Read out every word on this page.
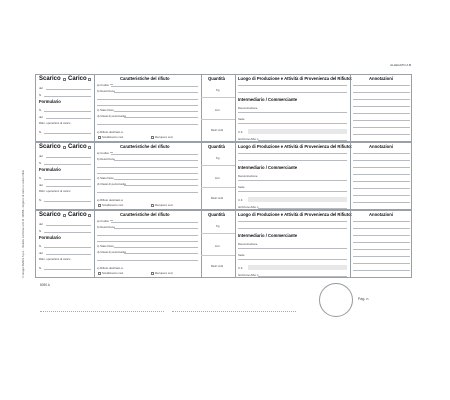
ALLEGATO A B
© Gruppo Buffetti S.p.A. - Modello conforme al D.M. 148/98 - Registro di carico e scarico rifiuti
Scarico Carico
del
N.
Formulario
N.
del
Rifer. operazioni di carico
N.
Caratteristiche del rifiuto
a) Codice ***
b) Descrizione
c) Stato fisico
d) Classi di pericolosità
e) Rifiuto destinato a:
Smaltimento cod.	Recupero cod.
Quantità
Kg
Litri
Metri cubi
Luogo di Produzione e Attività di Provenienza del Rifiuto:
Intermediario / Commerciante
Denominazione
Sede
C.F.
Iscrizione Albo n.
Annotazioni
Scarico Carico
del
N.
Formulario
N.
del
Rifer. operazioni di carico
N.
Caratteristiche del rifiuto
a) Codice ***
b) Descrizione
c) Stato fisico
d) Classi di pericolosità
e) Rifiuto destinato a:
Smaltimento cod.	Recupero cod.
Quantità
Kg
Litri
Metri cubi
Luogo di Produzione e Attività di Provenienza del Rifiuto:
Intermediario / Commerciante
Denominazione
Sede
C.F.
Iscrizione Albo n.
Annotazioni
Scarico Carico
del
N.
Formulario
N.
del
Rifer. operazioni di carico
N.
Caratteristiche del rifiuto
a) Codice ***
b) Descrizione
c) Stato fisico
d) Classi di pericolosità
e) Rifiuto destinato a:
Smaltimento cod.	Recupero cod.
Quantità
Kg
Litri
Metri cubi
Luogo di Produzione e Attività di Provenienza del Rifiuto:
Intermediario / Commerciante
Denominazione
Sede
C.F.
Iscrizione Albo n.
Annotazioni
8090 A
Pag. n.
